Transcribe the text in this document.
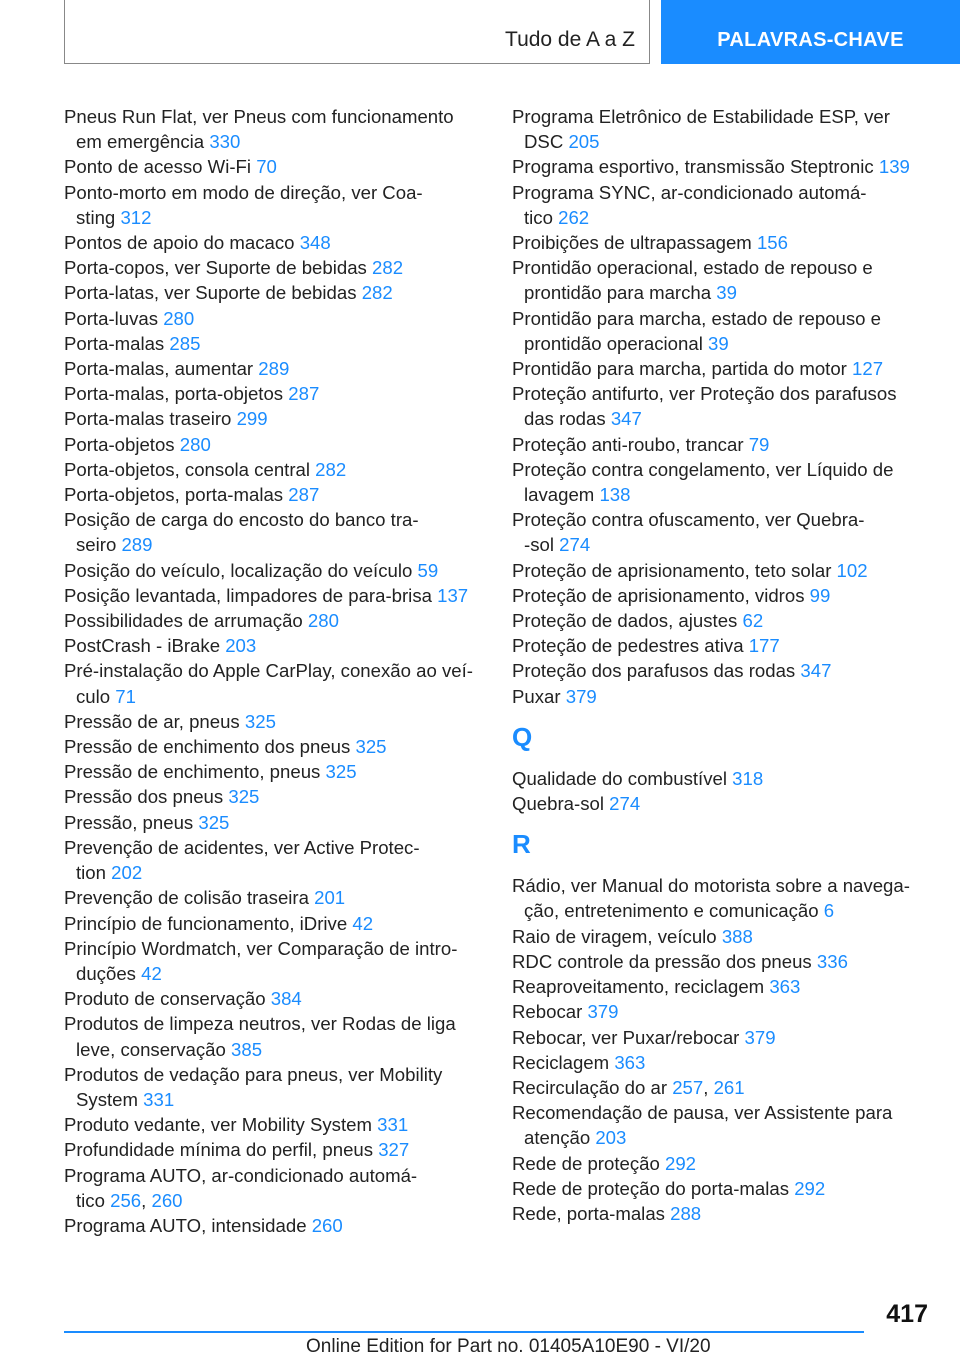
Tudo de A a Z	PALAVRAS-CHAVE
Pneus Run Flat, ver Pneus com funcionamento
em emergência 330
Ponto de acesso Wi-Fi 70
Ponto-morto em modo de direção, ver Coa-
sting 312
Pontos de apoio do macaco 348
Porta-copos, ver Suporte de bebidas 282
Porta-latas, ver Suporte de bebidas 282
Porta-luvas 280
Porta-malas 285
Porta-malas, aumentar 289
Porta-malas, porta-objetos 287
Porta-malas traseiro 299
Porta-objetos 280
Porta-objetos, consola central 282
Porta-objetos, porta-malas 287
Posição de carga do encosto do banco tra-
seiro 289
Posição do veículo, localização do veículo 59
Posição levantada, limpadores de para-brisa 137
Possibilidades de arrumação 280
PostCrash - iBrake 203
Pré-instalação do Apple CarPlay, conexão ao veí-
culo 71
Pressão de ar, pneus 325
Pressão de enchimento dos pneus 325
Pressão de enchimento, pneus 325
Pressão dos pneus 325
Pressão, pneus 325
Prevenção de acidentes, ver Active Protec-
tion 202
Prevenção de colisão traseira 201
Princípio de funcionamento, iDrive 42
Princípio Wordmatch, ver Comparação de intro-
duções 42
Produto de conservação 384
Produtos de limpeza neutros, ver Rodas de liga
leve, conservação 385
Produtos de vedação para pneus, ver Mobility
System 331
Produto vedante, ver Mobility System 331
Profundidade mínima do perfil, pneus 327
Programa AUTO, ar-condicionado automá-
tico 256, 260
Programa AUTO, intensidade 260
Programa Eletrônico de Estabilidade ESP, ver
DSC 205
Programa esportivo, transmissão Steptronic 139
Programa SYNC, ar-condicionado automá-
tico 262
Proibições de ultrapassagem 156
Prontidão operacional, estado de repouso e
prontidão para marcha 39
Prontidão para marcha, estado de repouso e
prontidão operacional 39
Prontidão para marcha, partida do motor 127
Proteção antifurto, ver Proteção dos parafusos
das rodas 347
Proteção anti-roubo, trancar 79
Proteção contra congelamento, ver Líquido de
lavagem 138
Proteção contra ofuscamento, ver Quebra-
-sol 274
Proteção de aprisionamento, teto solar 102
Proteção de aprisionamento, vidros 99
Proteção de dados, ajustes 62
Proteção de pedestres ativa 177
Proteção dos parafusos das rodas 347
Puxar 379
Q
Qualidade do combustível 318
Quebra-sol 274
R
Rádio, ver Manual do motorista sobre a navega-
ção, entretenimento e comunicação 6
Raio de viragem, veículo 388
RDC controle da pressão dos pneus 336
Reaproveitamento, reciclagem 363
Rebocar 379
Rebocar, ver Puxar/rebocar 379
Reciclagem 363
Recirculação do ar 257, 261
Recomendação de pausa, ver Assistente para
atenção 203
Rede de proteção 292
Rede de proteção do porta-malas 292
Rede, porta-malas 288
417
Online Edition for Part no. 01405A10E90 - VI/20
